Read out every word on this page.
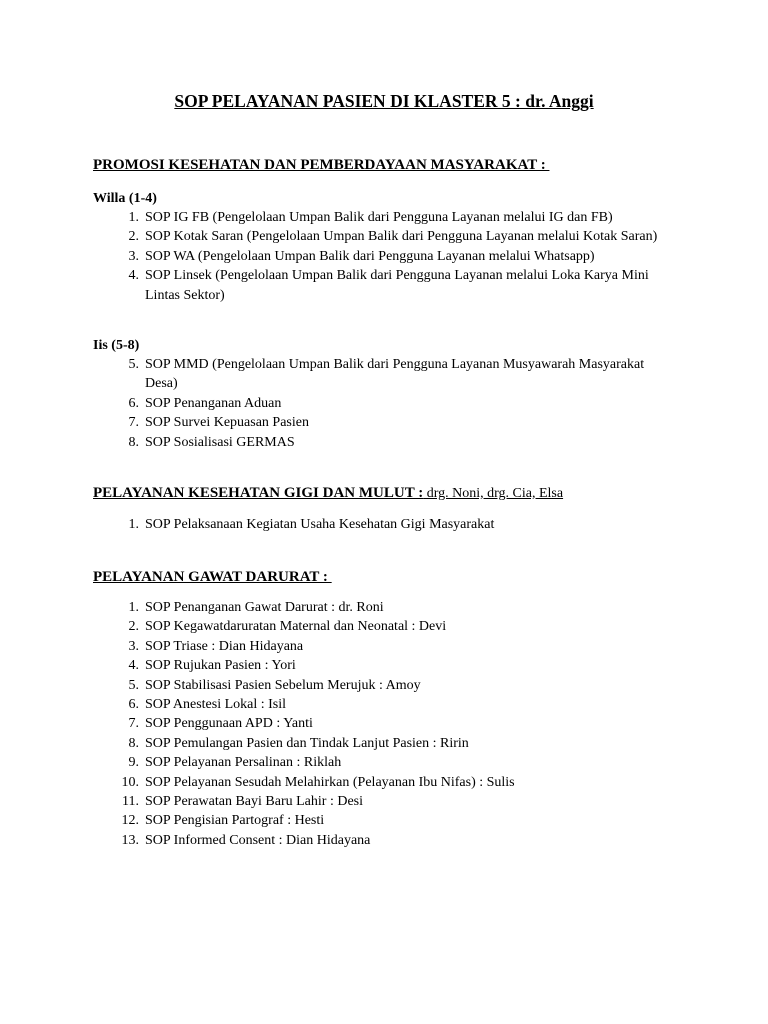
SOP PELAYANAN PASIEN DI KLASTER 5 : dr. Anggi
PROMOSI KESEHATAN DAN PEMBERDAYAAN MASYARAKAT :
Willa (1-4)
1. SOP IG FB (Pengelolaan Umpan Balik dari Pengguna Layanan melalui IG dan FB)
2. SOP Kotak Saran (Pengelolaan Umpan Balik dari Pengguna Layanan melalui Kotak Saran)
3. SOP WA (Pengelolaan Umpan Balik dari Pengguna Layanan melalui Whatsapp)
4. SOP Linsek (Pengelolaan Umpan Balik dari Pengguna Layanan melalui Loka Karya Mini Lintas Sektor)
Iis (5-8)
5. SOP MMD (Pengelolaan Umpan Balik dari Pengguna Layanan Musyawarah Masyarakat Desa)
6. SOP Penanganan Aduan
7. SOP Survei Kepuasan Pasien
8. SOP Sosialisasi GERMAS
PELAYANAN KESEHATAN GIGI DAN MULUT : drg. Noni, drg. Cia, Elsa
1. SOP Pelaksanaan Kegiatan Usaha Kesehatan Gigi Masyarakat
PELAYANAN GAWAT DARURAT :
1. SOP Penanganan Gawat Darurat : dr. Roni
2. SOP Kegawatdaruratan Maternal dan Neonatal : Devi
3. SOP Triase : Dian Hidayana
4. SOP Rujukan Pasien : Yori
5. SOP Stabilisasi Pasien Sebelum Merujuk : Amoy
6. SOP Anestesi Lokal : Isil
7. SOP Penggunaan APD : Yanti
8. SOP Pemulangan Pasien dan Tindak Lanjut Pasien : Ririn
9. SOP Pelayanan Persalinan : Riklah
10. SOP Pelayanan Sesudah Melahirkan (Pelayanan Ibu Nifas) : Sulis
11. SOP Perawatan Bayi Baru Lahir : Desi
12. SOP Pengisian Partograf : Hesti
13. SOP Informed Consent : Dian Hidayana
